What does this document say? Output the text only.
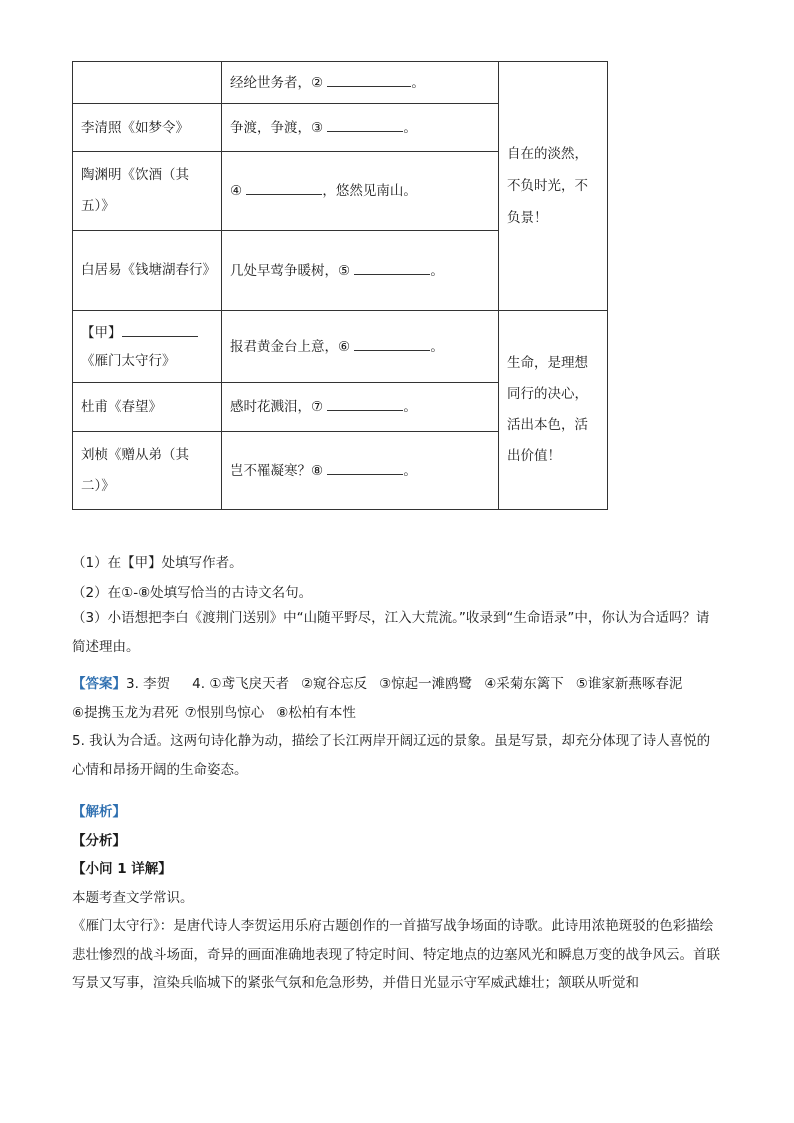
	经纶世务者，② 。	自在的淡然，不负时光，不负景！

李清照《如梦令》	争渡，争渡，③ 。	
陶渊明《饮酒（其五）》	④ ，悠然见南山。	
白居易《钱塘湖春行》	几处早莺争暖树，⑤ 。	

【甲】
《雁门太守行》	报君黄金台上意，⑥ 。	生命，是理想同行的决心，活出本色，活出价值！

杜甫《春望》	感时花溅泪，⑦ 。	
刘桢《赠从弟（其二）》	岂不罹凝寒？⑧ 。	
（1）在【甲】处填写作者。
（2）在①-⑧处填写恰当的古诗文名句。
（3）小语想把李白《渡荆门送别》中“山随平野尽，江入大荒流。”收录到“生命语录”中，你认为合适吗？请简述理由。
【答案】3. 李贺 4. ①鸢飞戾天者 ②窥谷忘反 ③惊起一滩鸥鹭 ④采菊东篱下 ⑤谁家新燕啄春泥
⑥提携玉龙为君死 ⑦恨别鸟惊心 ⑧松柏有本性
5. 我认为合适。这两句诗化静为动，描绘了长江两岸开阔辽远的景象。虽是写景，却充分体现了诗人喜悦的心情和昂扬开阔的生命姿态。
【解析】
【分析】
【小问 1 详解】
本题考查文学常识。
《雁门太守行》：是唐代诗人李贺运用乐府古题创作的一首描写战争场面的诗歌。此诗用浓艳斑驳的色彩描绘悲壮惨烈的战斗场面，奇异的画面准确地表现了特定时间、特定地点的边塞风光和瞬息万变的战争风云。首联写景又写事，渲染兵临城下的紧张气氛和危急形势，并借日光显示守军威武雄壮；颔联从听觉和
